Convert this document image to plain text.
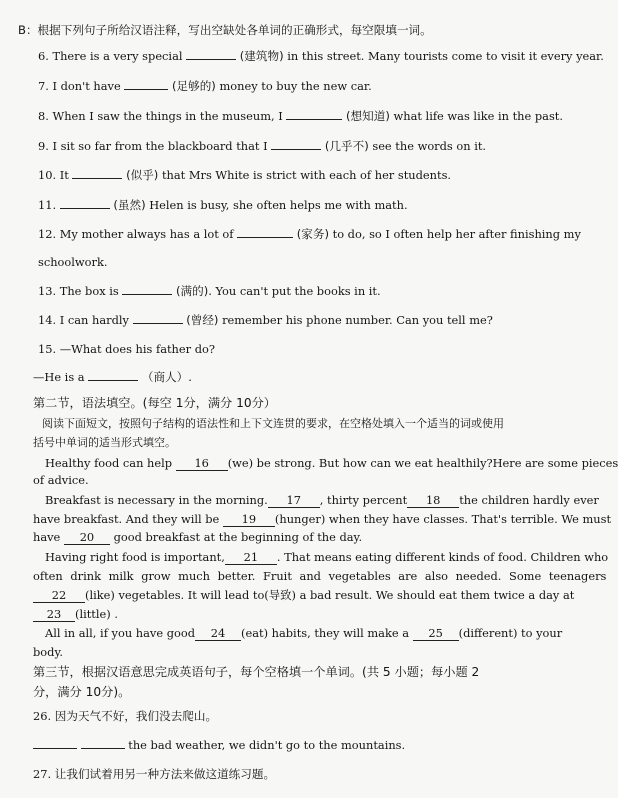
B：根据下列句子所给汉语注释，写出空缺处各单词的正确形式，每空限填一词。
6. There is a very special	(建筑物) in this street. Many tourists come to visit it every year.
7. I don't have	(足够的) money to buy the new car.
8. When I saw the things in the museum, I	(想知道) what life was like in the past.
9. I sit so far from the blackboard that I	(几乎不) see the words on it.
10. It	(似乎) that Mrs White is strict with each of her students.
11.	(虽然) Helen is busy, she often helps me with math.
12. My mother always has a lot of	(家务) to do, so I often help her after finishing my
schoolwork.
13. The box is	(满的). You can't put the books in it.
14. I can hardly	(曾经) remember his phone number. Can you tell me?
15. —What does his father do?
—He is a	（商人）.
第二节，语法填空。(每空 1分，满分 10分）
阅读下面短文，按照句子结构的语法性和上下文连贯的要求，在空格处填入一个适当的词或使用
括号中单词的适当形式填空。
Healthy food can help 16 (we) be strong. But how can we eat healthily?Here are some pieces
of advice.
Breakfast is necessary in the morning. 17 , thirty percent 18 the children hardly ever
have breakfast. And they will be 19 (hunger) when they have classes. That's terrible. We must
have 20 good breakfast at the beginning of the day.
Having right food is important, 21 . That means eating different kinds of food. Children who
often drink milk grow much better. Fruit and vegetables are also needed. Some teenagers
22 (like) vegetables. It will lead to(导致) a bad result. We should eat them twice a day at
23 (little) .
All in all, if you have good 24 (eat) habits, they will make a 25 (different) to your
body.
第三节，根据汉语意思完成英语句子，每个空格填一个单词。(共 5 小题；每小题 2
分，满分 10分)。
26. 因为天气不好，我们没去爬山。
the bad weather, we didn't go to the mountains.
27. 让我们试着用另一种方法来做这道练习题。
